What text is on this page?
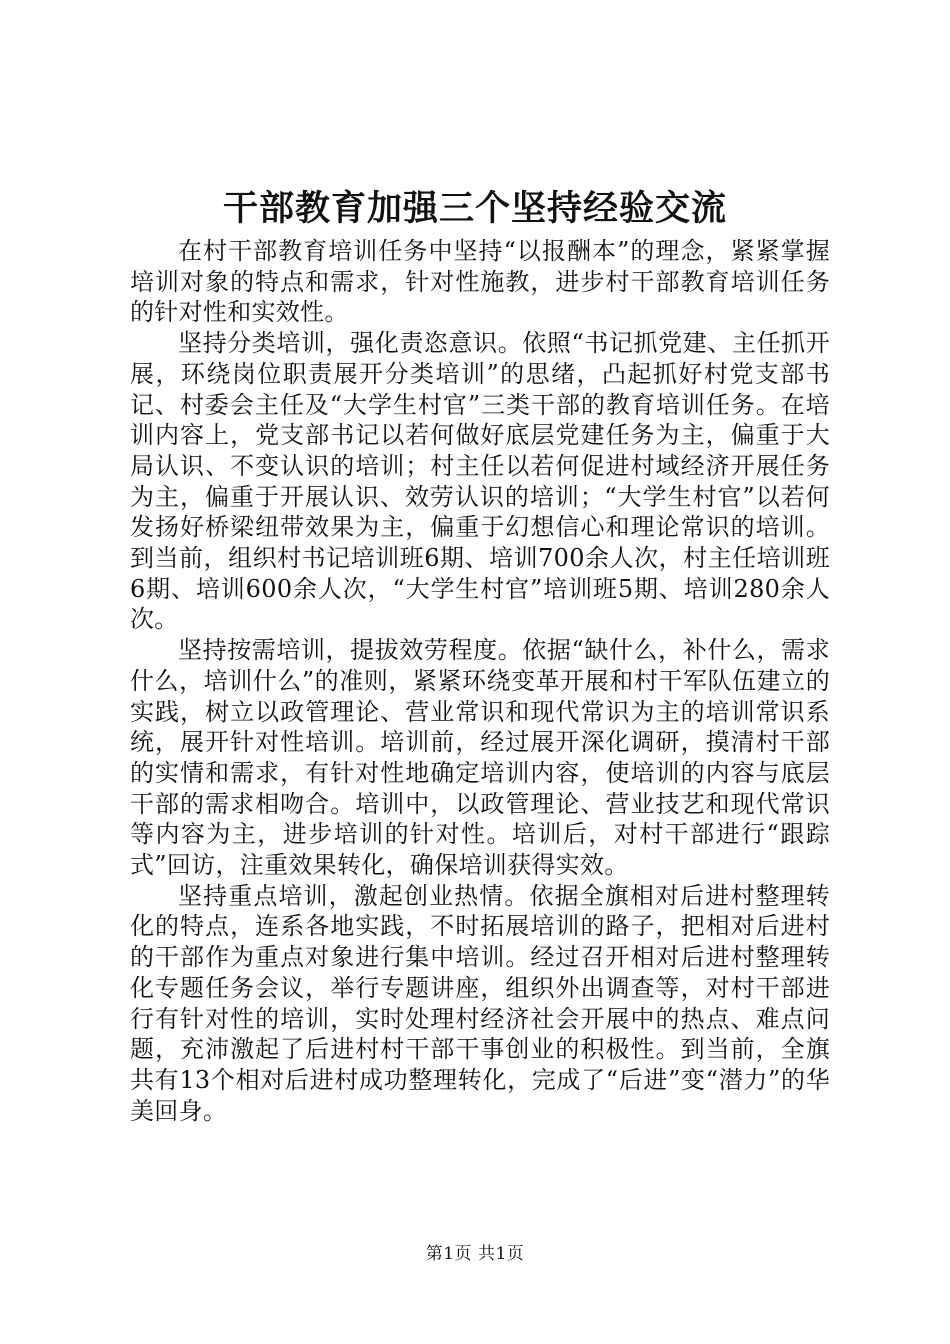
干部教育加强三个坚持经验交流

在村干部教育培训任务中坚持“以报酬本”的理念，紧紧掌握培训对象的特点和需求，针对性施教，进步村干部教育培训任务的针对性和实效性。

坚持分类培训，强化责恣意识。依照“书记抓党建、主任抓开展，环绕岗位职责展开分类培训”的思绪，凸起抓好村党支部书记、村委会主任及“大学生村官”三类干部的教育培训任务。在培训内容上，党支部书记以若何做好底层党建任务为主，偏重于大局认识、不变认识的培训；村主任以若何促进村域经济开展任务为主，偏重于开展认识、效劳认识的培训；“大学生村官”以若何发扬好桥梁纽带效果为主，偏重于幻想信心和理论常识的培训。到当前，组织村书记培训班6期、培训700余人次，村主任培训班6期、培训600余人次，“大学生村官”培训班5期、培训280余人次。

坚持按需培训，提拔效劳程度。依据“缺什么，补什么，需求什么，培训什么”的准则，紧紧环绕变革开展和村干军队伍建立的实践，树立以政管理论、营业常识和现代常识为主的培训常识系统，展开针对性培训。培训前，经过展开深化调研，摸清村干部的实情和需求，有针对性地确定培训内容，使培训的内容与底层干部的需求相吻合。培训中，以政管理论、营业技艺和现代常识等内容为主，进步培训的针对性。培训后，对村干部进行“跟踪式”回访，注重效果转化，确保培训获得实效。

坚持重点培训，激起创业热情。依据全旗相对后进村整理转化的特点，连系各地实践，不时拓展培训的路子，把相对后进村的干部作为重点对象进行集中培训。经过召开相对后进村整理转化专题任务会议，举行专题讲座，组织外出调查等，对村干部进行有针对性的培训，实时处理村经济社会开展中的热点、难点问题，充沛激起了后进村村干部干事创业的积极性。到当前，全旗共有13个相对后进村成功整理转化，完成了“后进”变“潜力”的华美回身。

第1页 共1页
